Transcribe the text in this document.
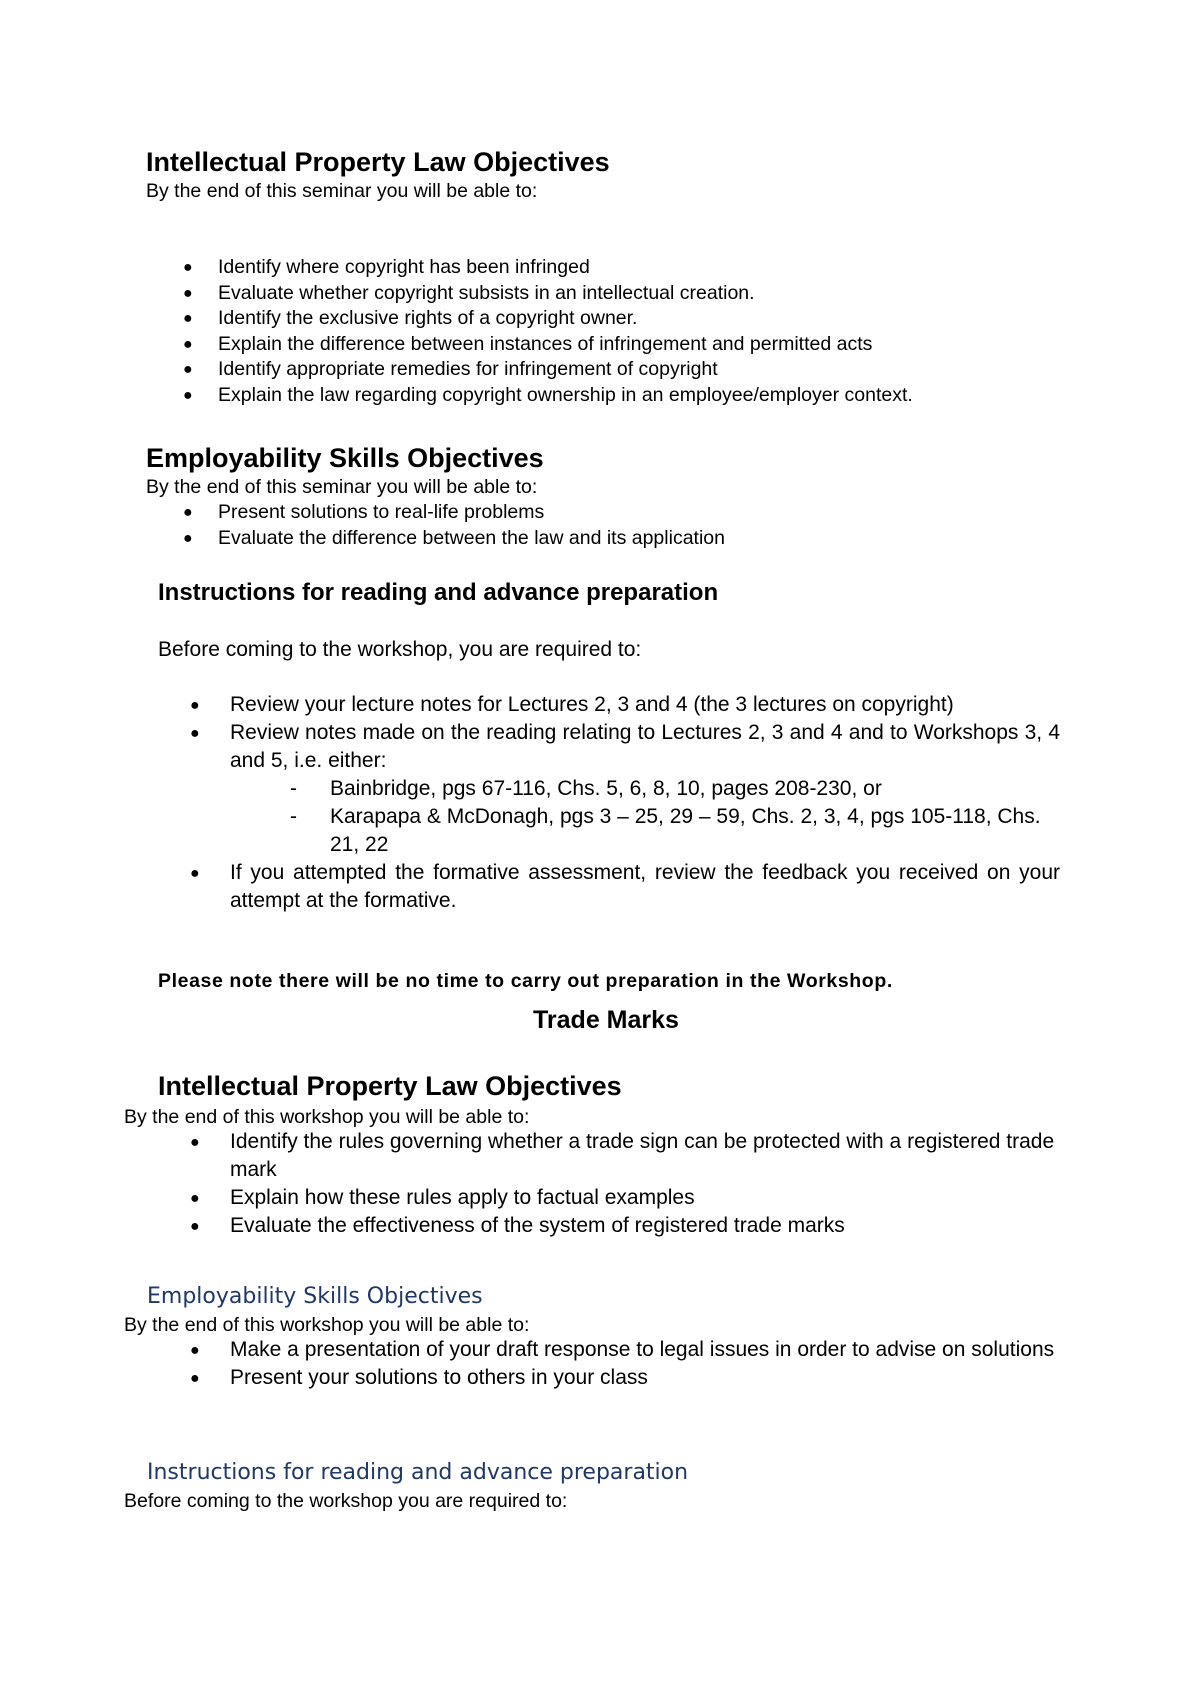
Intellectual Property Law Objectives

By the end of this seminar you will be able to:

● Identify where copyright has been infringed
● Evaluate whether copyright subsists in an intellectual creation.
● Identify the exclusive rights of a copyright owner.
● Explain the difference between instances of infringement and permitted acts
● Identify appropriate remedies for infringement of copyright
● Explain the law regarding copyright ownership in an employee/employer context.
Employability Skills Objectives

By the end of this seminar you will be able to:

● Present solutions to real-life problems
● Evaluate the difference between the law and its application
Instructions for reading and advance preparation

Before coming to the workshop, you are required to:

● Review your lecture notes for Lectures 2, 3 and 4 (the 3 lectures on copyright)
● Review notes made on the reading relating to Lectures 2, 3 and 4 and to Workshops 3, 4 and 5, i.e. either:
- Bainbridge, pgs 67-116, Chs. 5, 6, 8, 10, pages 208-230, or
- Karapapa & McDonagh, pgs 3 – 25, 29 – 59, Chs. 2, 3, 4, pgs 105-118, Chs. 21, 22
● If you attempted the formative assessment, review the feedback you received on your attempt at the formative.

Please note there will be no time to carry out preparation in the Workshop.

Trade Marks
Intellectual Property Law Objectives

By the end of this workshop you will be able to:

● Identify the rules governing whether a trade sign can be protected with a registered trade mark
● Explain how these rules apply to factual examples
● Evaluate the effectiveness of the system of registered trade marks
Employability Skills Objectives

By the end of this workshop you will be able to:

● Make a presentation of your draft response to legal issues in order to advise on solutions
● Present your solutions to others in your class
Instructions for reading and advance preparation

Before coming to the workshop you are required to:
